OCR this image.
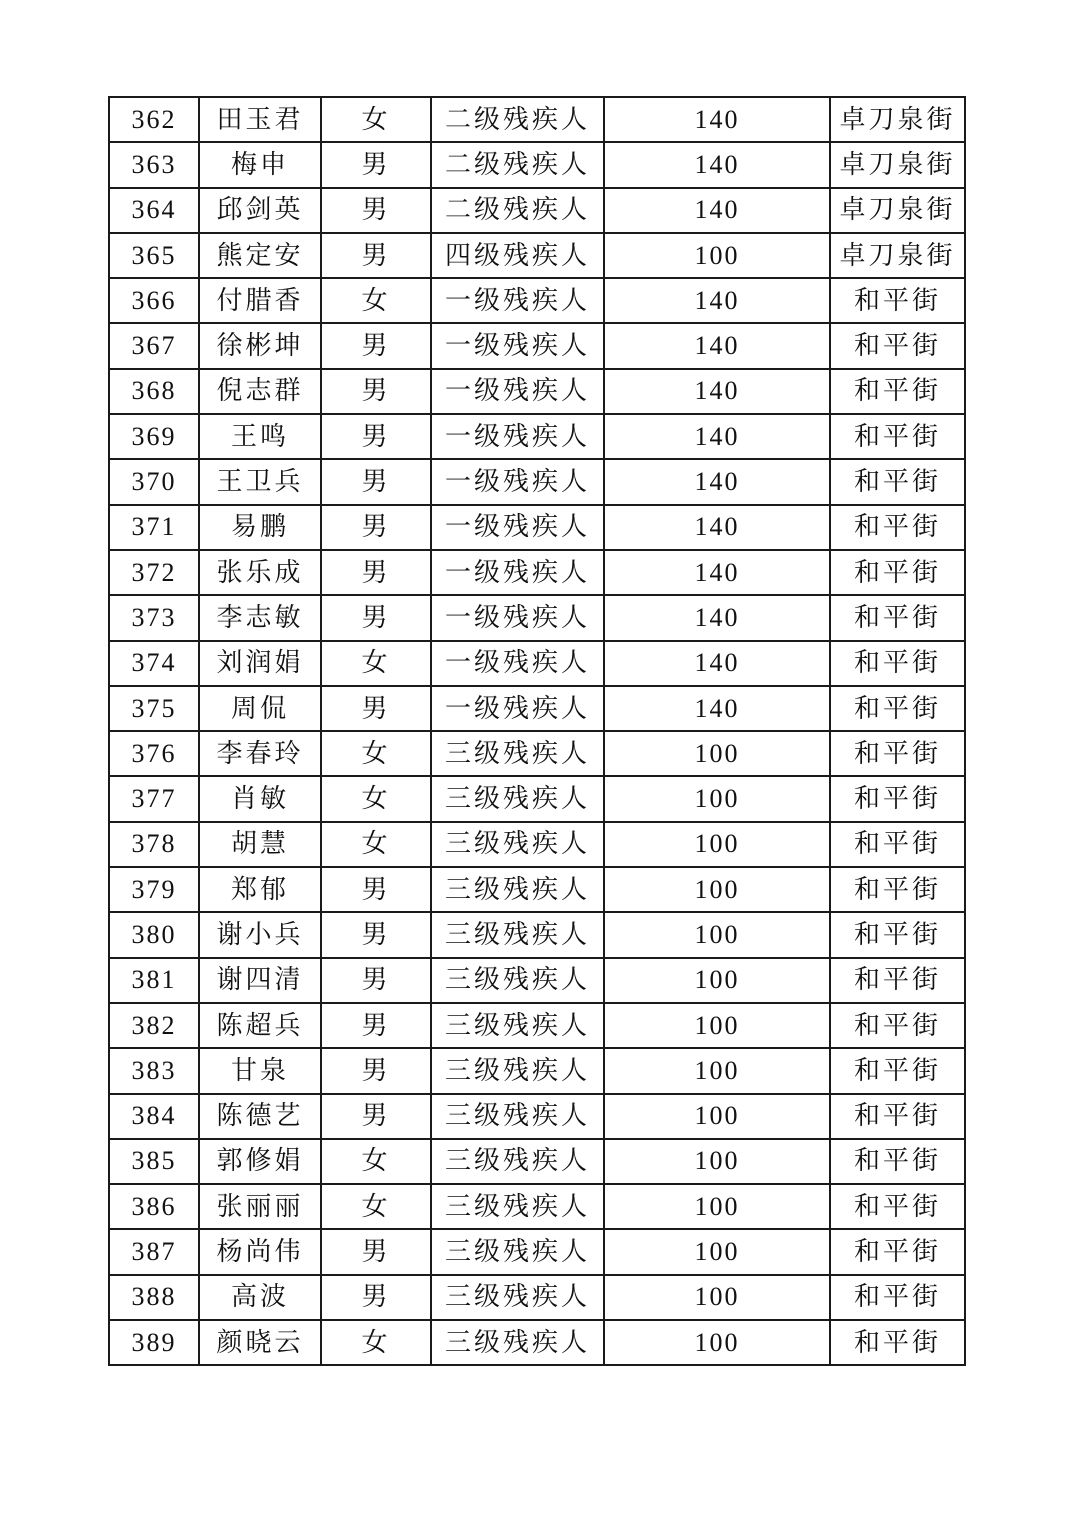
362	田玉君	女	二级残疾人	140	卓刀泉街
363	梅申	男	二级残疾人	140	卓刀泉街
364	邱剑英	男	二级残疾人	140	卓刀泉街
365	熊定安	男	四级残疾人	100	卓刀泉街
366	付腊香	女	一级残疾人	140	和平街
367	徐彬坤	男	一级残疾人	140	和平街
368	倪志群	男	一级残疾人	140	和平街
369	王鸣	男	一级残疾人	140	和平街
370	王卫兵	男	一级残疾人	140	和平街
371	易鹏	男	一级残疾人	140	和平街
372	张乐成	男	一级残疾人	140	和平街
373	李志敏	男	一级残疾人	140	和平街
374	刘润娟	女	一级残疾人	140	和平街
375	周侃	男	一级残疾人	140	和平街
376	李春玲	女	三级残疾人	100	和平街
377	肖敏	女	三级残疾人	100	和平街
378	胡慧	女	三级残疾人	100	和平街
379	郑郁	男	三级残疾人	100	和平街
380	谢小兵	男	三级残疾人	100	和平街
381	谢四清	男	三级残疾人	100	和平街
382	陈超兵	男	三级残疾人	100	和平街
383	甘泉	男	三级残疾人	100	和平街
384	陈德艺	男	三级残疾人	100	和平街
385	郭修娟	女	三级残疾人	100	和平街
386	张丽丽	女	三级残疾人	100	和平街
387	杨尚伟	男	三级残疾人	100	和平街
388	高波	男	三级残疾人	100	和平街
389	颜晓云	女	三级残疾人	100	和平街
